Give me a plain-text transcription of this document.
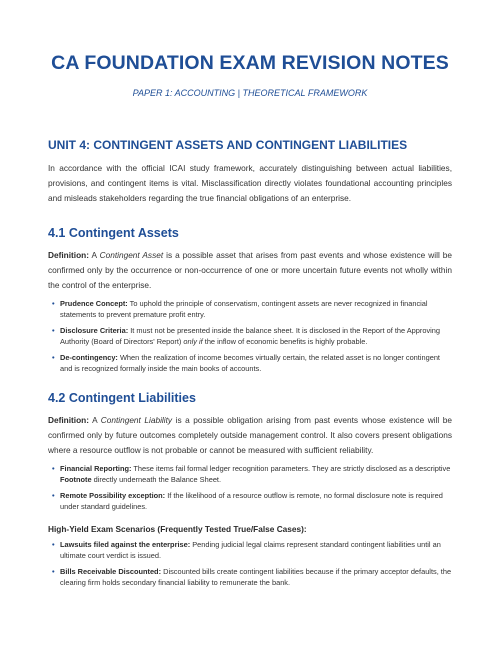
CA FOUNDATION EXAM REVISION NOTES

PAPER 1: ACCOUNTING | THEORETICAL FRAMEWORK

UNIT 4: CONTINGENT ASSETS AND CONTINGENT LIABILITIES

In accordance with the official ICAI study framework, accurately distinguishing between actual liabilities, provisions, and contingent items is vital. Misclassification directly violates foundational accounting principles and misleads stakeholders regarding the true financial obligations of an enterprise.

4.1 Contingent Assets

Definition: A Contingent Asset is a possible asset that arises from past events and whose existence will be confirmed only by the occurrence or non-occurrence of one or more uncertain future events not wholly within the control of the enterprise.

• Prudence Concept: To uphold the principle of conservatism, contingent assets are never recognized in financial statements to prevent premature profit entry.
• Disclosure Criteria: It must not be presented inside the balance sheet. It is disclosed in the Report of the Approving Authority (Board of Directors' Report) only if the inflow of economic benefits is highly probable.
• De-contingency: When the realization of income becomes virtually certain, the related asset is no longer contingent and is recognized formally inside the main books of accounts.
4.2 Contingent Liabilities

Definition: A Contingent Liability is a possible obligation arising from past events whose existence will be confirmed only by future outcomes completely outside management control. It also covers present obligations where a resource outflow is not probable or cannot be measured with sufficient reliability.

• Financial Reporting: These items fail formal ledger recognition parameters. They are strictly disclosed as a descriptive Footnote directly underneath the Balance Sheet.
• Remote Possibility exception: If the likelihood of a resource outflow is remote, no formal disclosure note is required under standard guidelines.

High-Yield Exam Scenarios (Frequently Tested True/False Cases):

• Lawsuits filed against the enterprise: Pending judicial legal claims represent standard contingent liabilities until an ultimate court verdict is issued.
• Bills Receivable Discounted: Discounted bills create contingent liabilities because if the primary acceptor defaults, the clearing firm holds secondary financial liability to remunerate the bank.
